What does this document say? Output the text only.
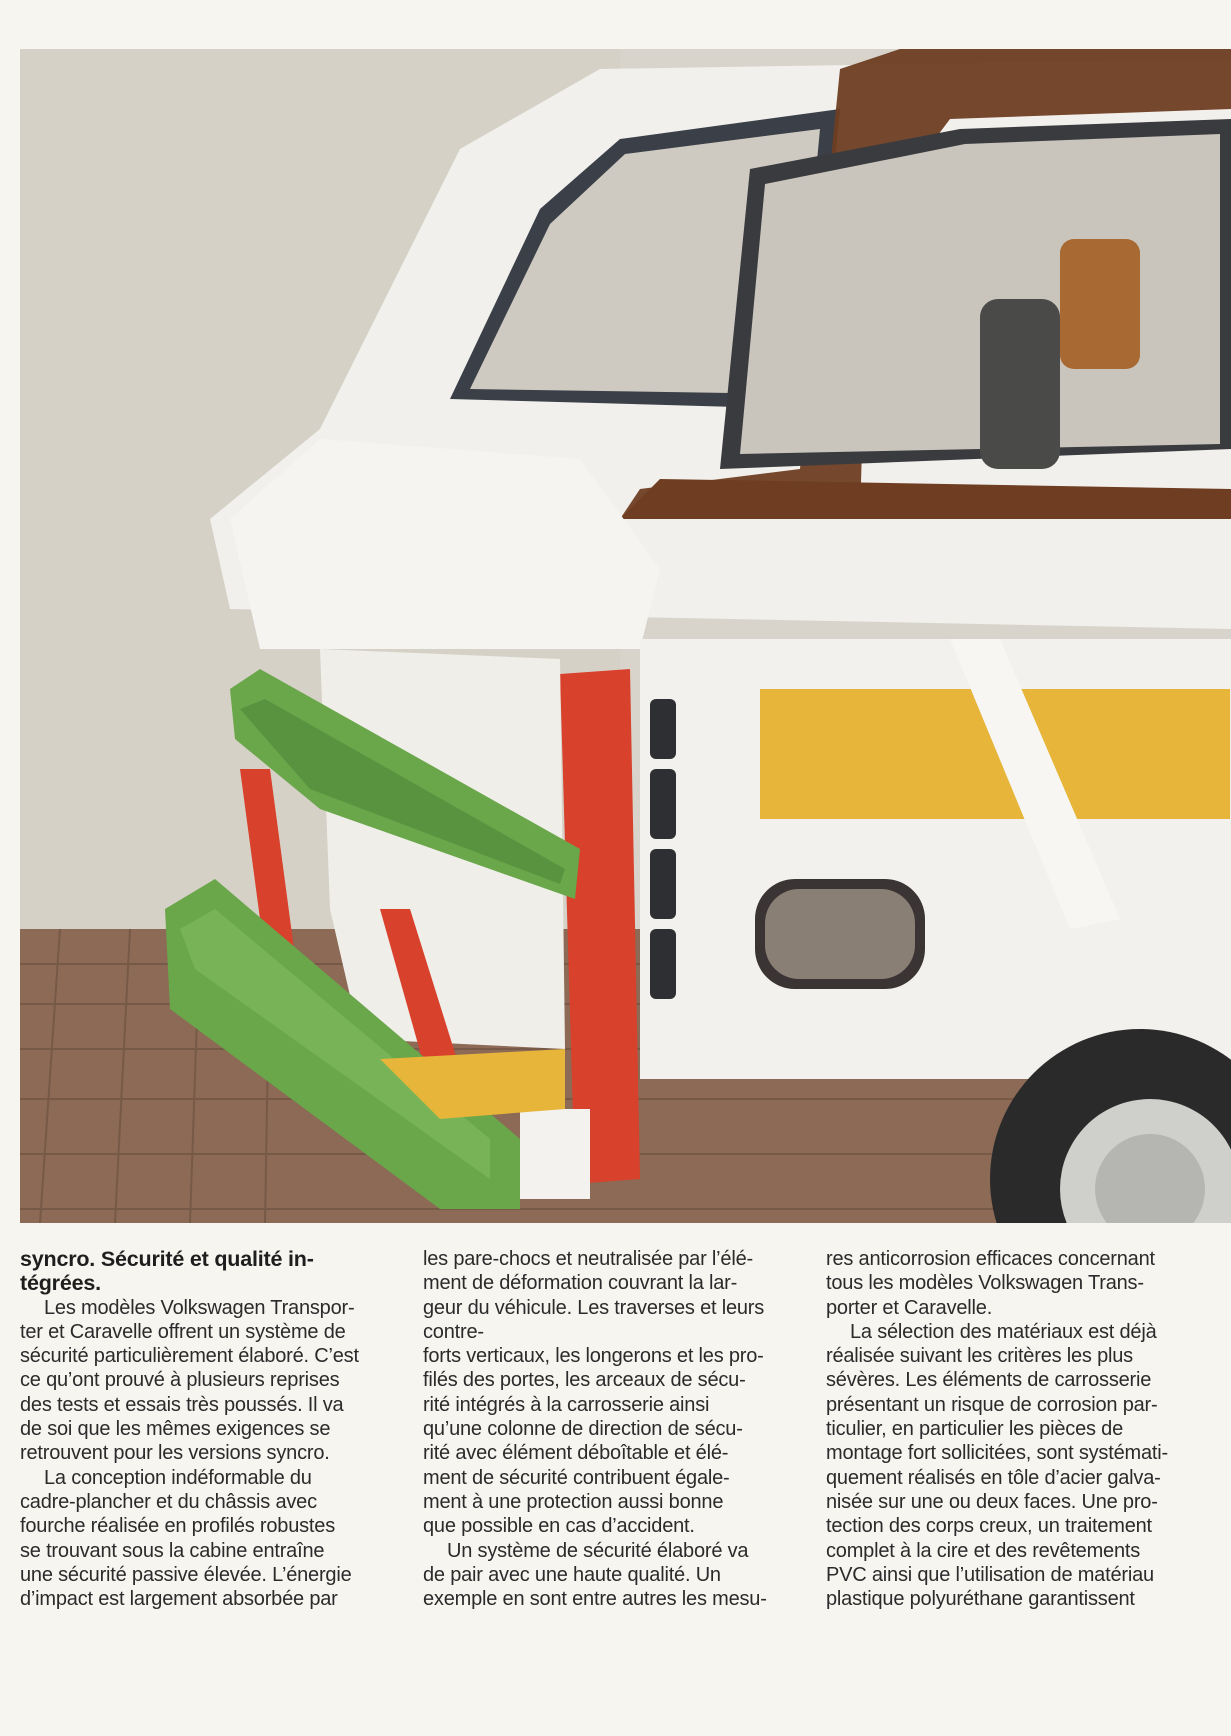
syncro. Sécurité et qualité in-
tégrées.

Les modèles Volkswagen Transpor-

ter et Caravelle offrent un système de

sécurité particulièrement élaboré. C’est

ce qu’ont prouvé à plusieurs reprises

des tests et essais très poussés. Il va

de soi que les mêmes exigences se

retrouvent pour les versions syncro.

La conception indéformable du

cadre-plancher et du châssis avec

fourche réalisée en profilés robustes

se trouvant sous la cabine entraîne

une sécurité passive élevée. L’énergie

d’impact est largement absorbée par

les pare-chocs et neutralisée par l’élé-

ment de déformation couvrant la lar-

geur du véhicule. Les traverses et leurs

contre-

forts verticaux, les longerons et les pro-

filés des portes, les arceaux de sécu-

rité intégrés à la carrosserie ainsi

qu’une colonne de direction de sécu-

rité avec élément déboîtable et élé-

ment de sécurité contribuent égale-

ment à une protection aussi bonne

que possible en cas d’accident.

Un système de sécurité élaboré va

de pair avec une haute qualité. Un

exemple en sont entre autres les mesu-

res anticorrosion efficaces concernant

tous les modèles Volkswagen Trans-

porter et Caravelle.

La sélection des matériaux est déjà

réalisée suivant les critères les plus

sévères. Les éléments de carrosserie

présentant un risque de corrosion par-

ticulier, en particulier les pièces de

montage fort sollicitées, sont systémati-

quement réalisés en tôle d’acier galva-

nisée sur une ou deux faces. Une pro-

tection des corps creux, un traitement

complet à la cire et des revêtements

PVC ainsi que l’utilisation de matériau

plastique polyuréthane garantissent
